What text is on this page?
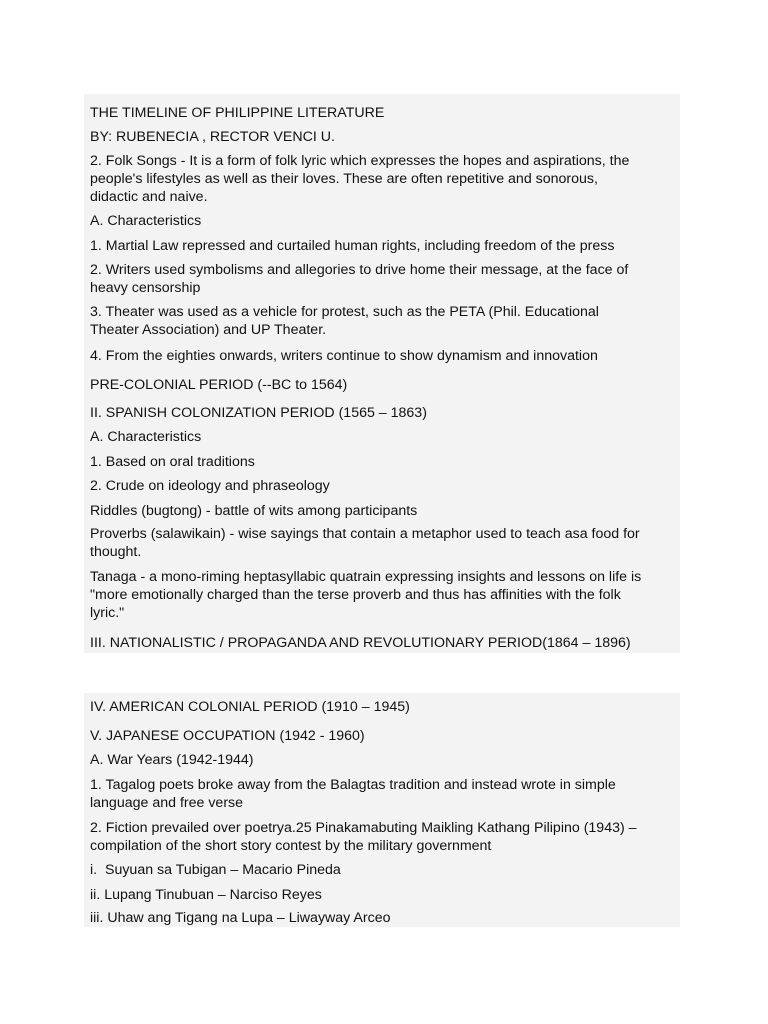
THE TIMELINE OF PHILIPPINE LITERATURE
BY: RUBENECIA , RECTOR VENCI U.
2. Folk Songs - It is a form of folk lyric which expresses the hopes and aspirations, the
people's lifestyles as well as their loves. These are often repetitive and sonorous,
didactic and naive.
A. Characteristics
1. Martial Law repressed and curtailed human rights, including freedom of the press
2. Writers used symbolisms and allegories to drive home their message, at the face of
heavy censorship
3. Theater was used as a vehicle for protest, such as the PETA (Phil. Educational
Theater Association) and UP Theater.
4. From the eighties onwards, writers continue to show dynamism and innovation
PRE-COLONIAL PERIOD (--BC to 1564)
II. SPANISH COLONIZATION PERIOD (1565 – 1863)
A. Characteristics
1. Based on oral traditions
2. Crude on ideology and phraseology
Riddles (bugtong) - battle of wits among participants
Proverbs (salawikain) - wise sayings that contain a metaphor used to teach asa food for
thought.
Tanaga - a mono-riming heptasyllabic quatrain expressing insights and lessons on life is
"more emotionally charged than the terse proverb and thus has affinities with the folk
lyric."
III. NATIONALISTIC / PROPAGANDA AND REVOLUTIONARY PERIOD(1864 – 1896)
IV. AMERICAN COLONIAL PERIOD (1910 – 1945)
V. JAPANESE OCCUPATION (1942 - 1960)
A. War Years (1942-1944)
1. Tagalog poets broke away from the Balagtas tradition and instead wrote in simple
language and free verse
2. Fiction prevailed over poetrya.25 Pinakamabuting Maikling Kathang Pilipino (1943) –
compilation of the short story contest by the military government
i.  Suyuan sa Tubigan – Macario Pineda
ii. Lupang Tinubuan – Narciso Reyes
iii. Uhaw ang Tigang na Lupa – Liwayway Arceo
